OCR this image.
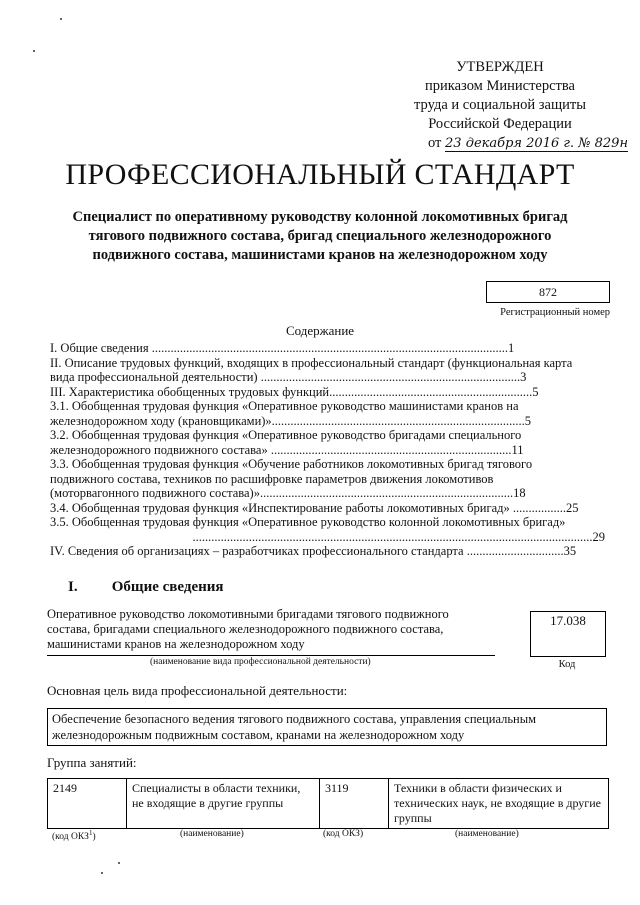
УТВЕРЖДЕН
приказом Министерства
труда и социальной защиты
Российской Федерации
от 23 декабря 2016 г. № 829н
ПРОФЕССИОНАЛЬНЫЙ СТАНДАРТ
Специалист по оперативному руководству колонной локомотивных бригад
тягового подвижного состава, бригад специального железнодорожного
подвижного состава, машинистами кранов на железнодорожном ходу
872
Регистрационный номер
Содержание
I. Общие сведения ..................................................................................................................1
II. Описание трудовых функций, входящих в профессиональный стандарт (функциональная карта
вида профессиональной деятельности) ...................................................................................3
III. Характеристика обобщенных трудовых функций.................................................................5
3.1. Обобщенная трудовая функция «Оперативное руководство машинистами кранов на
железнодорожном ходу (крановщиками)».................................................................................5
3.2. Обобщенная трудовая функция «Оперативное руководство бригадами специального
железнодорожного подвижного состава» .............................................................................11
3.3. Обобщенная трудовая функция «Обучение работников локомотивных бригад тягового
подвижного состава, техников по расшифровке параметров движения локомотивов
(моторвагонного подвижного состава)».................................................................................18
3.4. Обобщенная трудовая функция «Инспектирование работы локомотивных бригад» .................25
3.5. Обобщенная трудовая функция «Оперативное руководство колонной локомотивных бригад»
................................................................................................................................29
IV. Сведения об организациях – разработчиках профессионального стандарта ...............................35
I. Общие сведения
Оперативное руководство локомотивными бригадами тягового подвижного
состава, бригадами специального железнодорожного подвижного состава,
машинистами кранов на железнодорожном ходу
(наименование вида профессиональной деятельности)
17.038
Код
Основная цель вида профессиональной деятельности:
Обеспечение безопасного ведения тягового подвижного состава, управления специальным
железнодорожным подвижным составом, кранами на железнодорожном ходу
Группа занятий:
2149	Специалисты в области техники, не входящие в другие группы	3119	Техники в области физических и технических наук, не входящие в другие группы
(код ОКЗ$^1$)	(наименование)	(код ОКЗ)	(наименование)
